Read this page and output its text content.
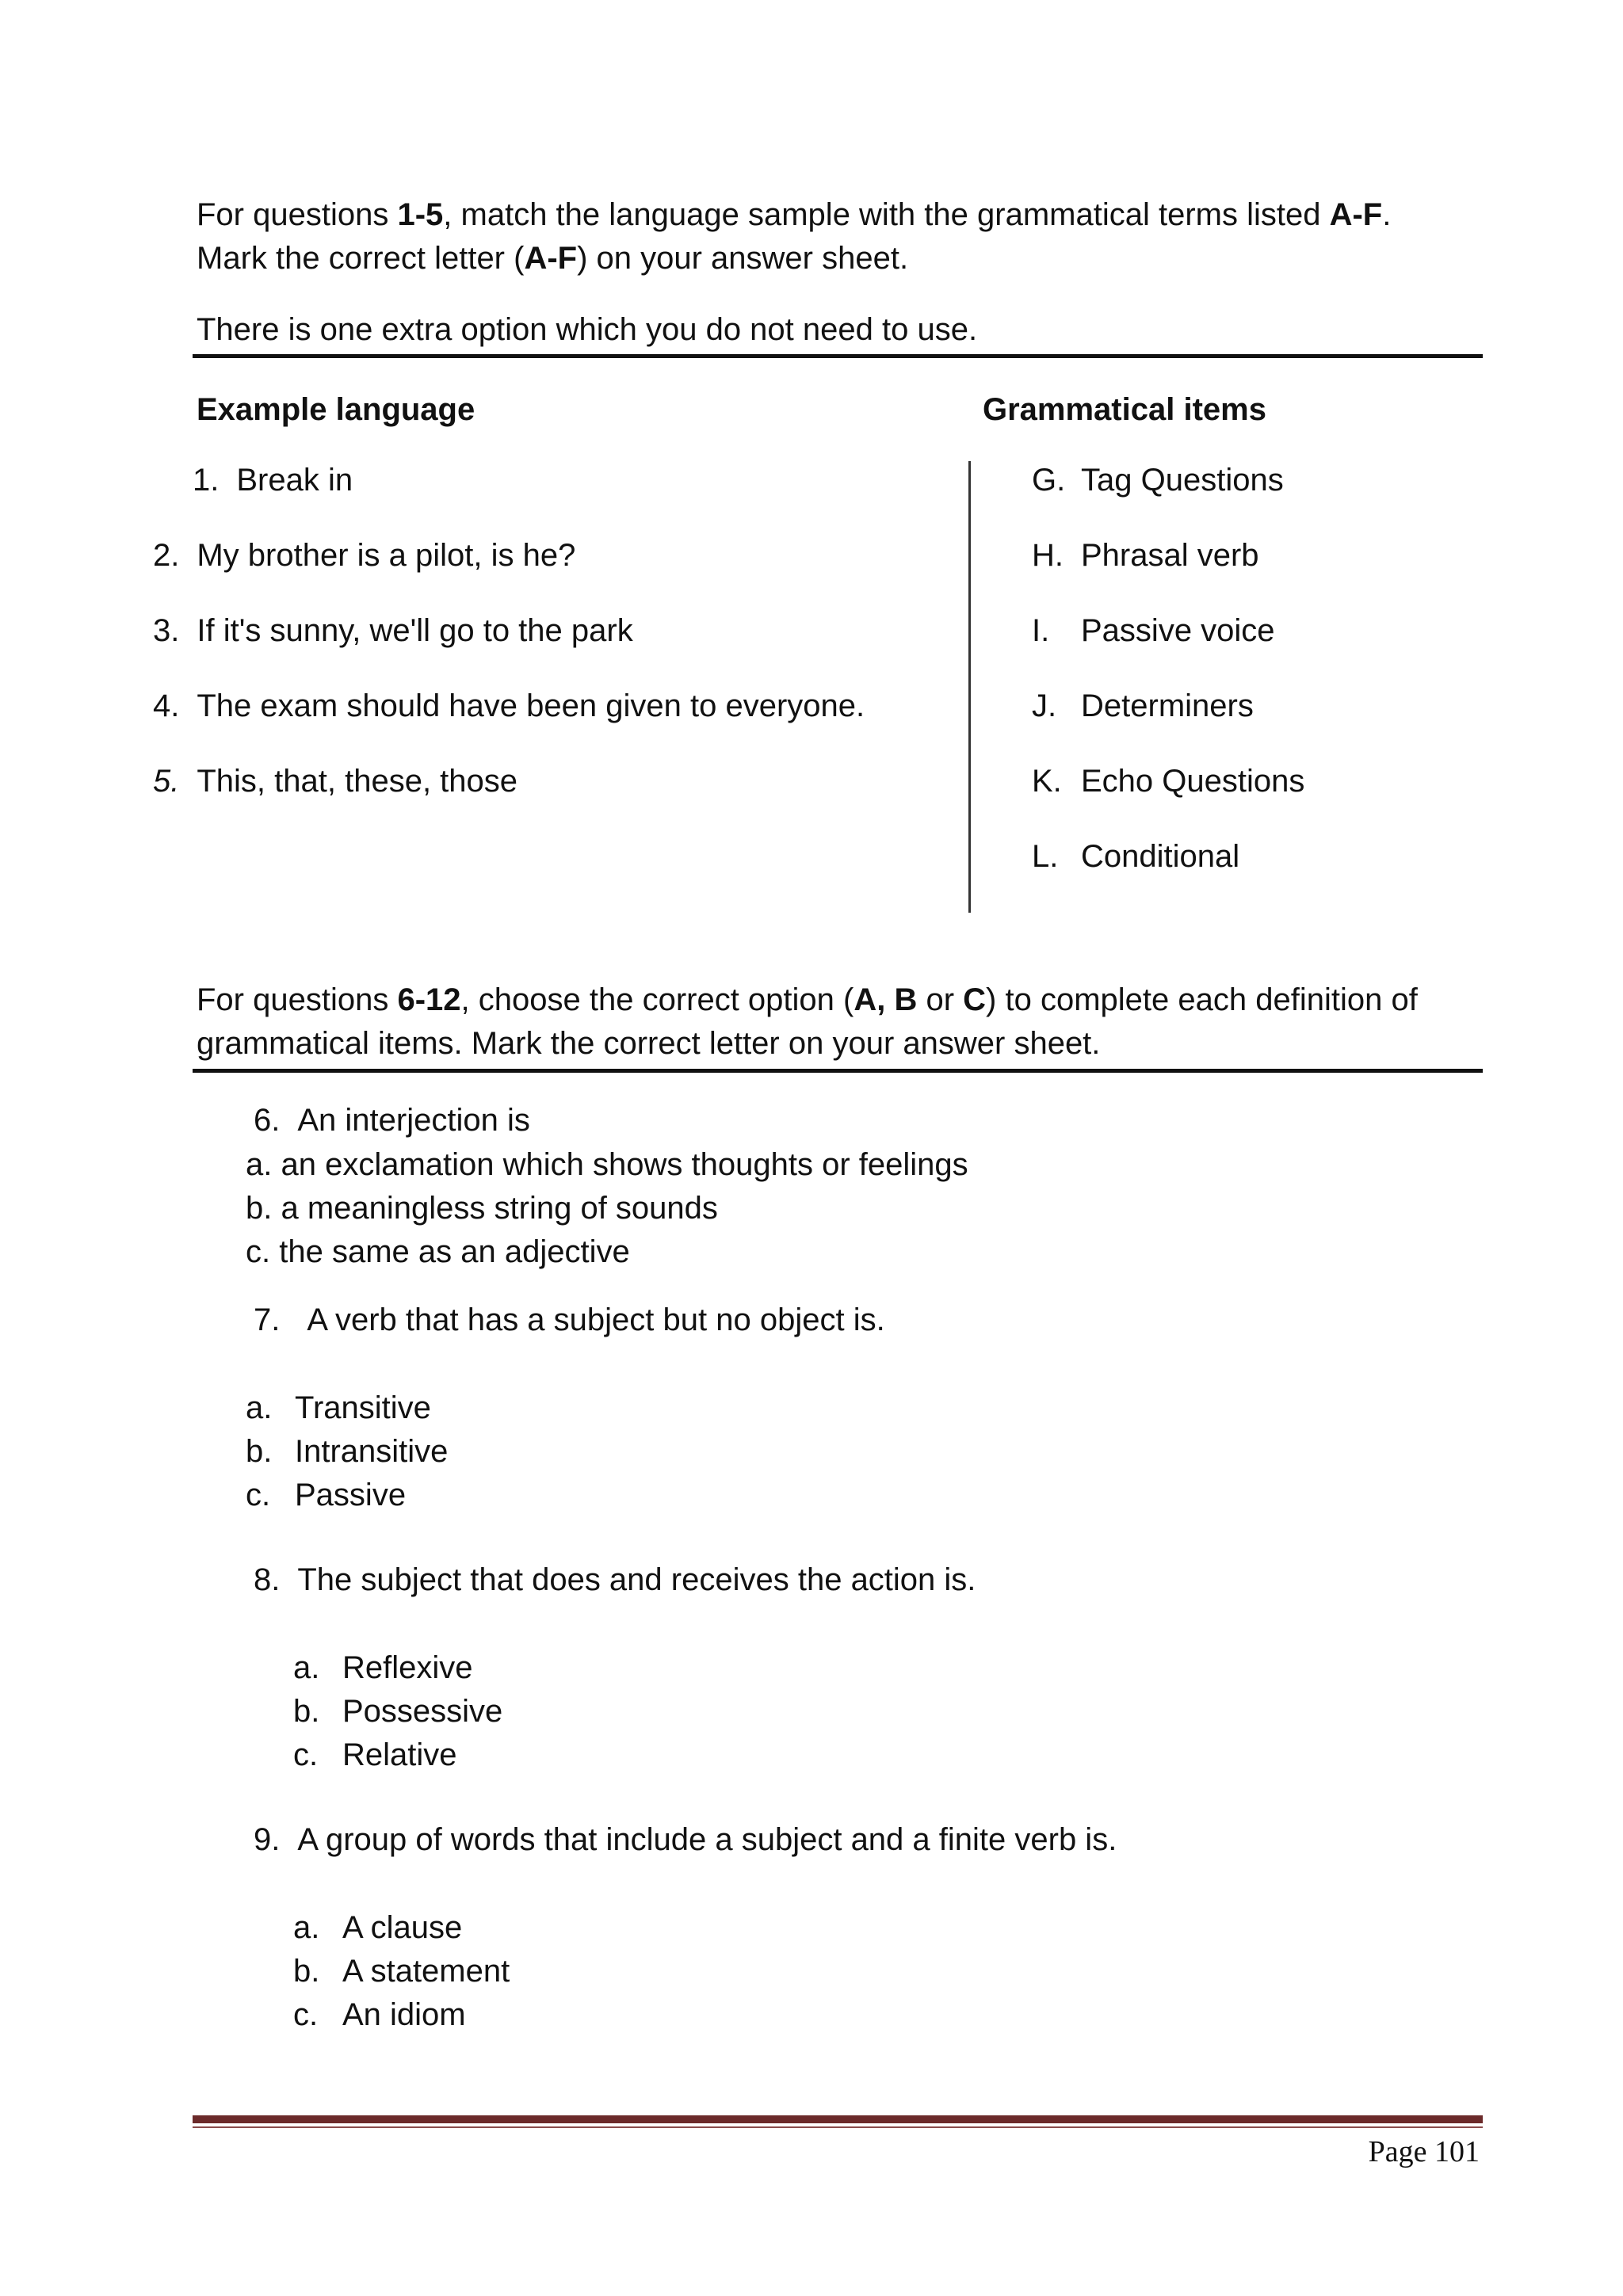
For questions 1-5, match the language sample with the grammatical terms listed A-F.
Mark the correct letter (A-F) on your answer sheet.
There is one extra option which you do not need to use.
Example language	Grammatical items
1. Break in
2. My brother is a pilot, is he?
3. If it's sunny, we'll go to the park
4. The exam should have been given to everyone.
5. This, that, these, those
G. Tag Questions
H. Phrasal verb
I. Passive voice
J. Determiners
K. Echo Questions
L. Conditional
For questions 6-12, choose the correct option (A, B or C) to complete each definition of
grammatical items. Mark the correct letter on your answer sheet.
6. An interjection is
a. an exclamation which shows thoughts or feelings
b. a meaningless string of sounds
c. the same as an adjective
7. A verb that has a subject but no object is.
a. Transitive
b. Intransitive
c. Passive
8. The subject that does and receives the action is.
a. Reflexive
b. Possessive
c. Relative
9. A group of words that include a subject and a finite verb is.
a. A clause
b. A statement
c. An idiom
Page 101
